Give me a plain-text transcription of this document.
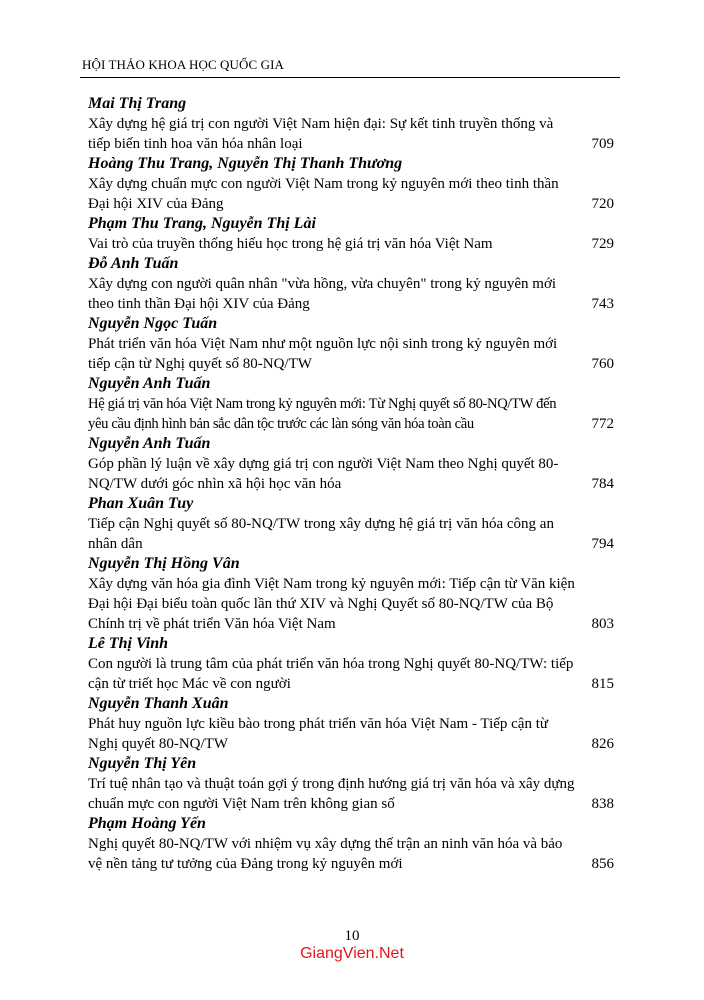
HỘI THẢO KHOA HỌC QUỐC GIA
Mai Thị Trang
Xây dựng hệ giá trị con người Việt Nam hiện đại: Sự kết tinh truyền thống và tiếp biến tinh hoa văn hóa nhân loại	709
Hoàng Thu Trang, Nguyễn Thị Thanh Thương
Xây dựng chuẩn mực con người Việt Nam trong kỷ nguyên mới theo tinh thần Đại hội XIV của Đảng	720
Phạm Thu Trang, Nguyễn Thị Lài
Vai trò của truyền thống hiếu học trong hệ giá trị văn hóa Việt Nam	729
Đỗ Anh Tuấn
Xây dựng con người quân nhân "vừa hồng, vừa chuyên" trong kỷ nguyên mới theo tinh thần Đại hội XIV của Đảng	743
Nguyễn Ngọc Tuấn
Phát triển văn hóa Việt Nam như một nguồn lực nội sinh trong kỷ nguyên mới tiếp cận từ Nghị quyết số 80-NQ/TW	760
Nguyễn Anh Tuấn
Hệ giá trị văn hóa Việt Nam trong kỷ nguyên mới: Từ Nghị quyết số 80-NQ/TW đến yêu cầu định hình bản sắc dân tộc trước các làn sóng văn hóa toàn cầu	772
Nguyễn Anh Tuấn
Góp phần lý luận về xây dựng giá trị con người Việt Nam theo Nghị quyết 80-NQ/TW dưới góc nhìn xã hội học văn hóa	784
Phan Xuân Tuy
Tiếp cận Nghị quyết số 80-NQ/TW trong xây dựng hệ giá trị văn hóa công an nhân dân	794
Nguyễn Thị Hồng Vân
Xây dựng văn hóa gia đình Việt Nam trong kỷ nguyên mới: Tiếp cận từ Văn kiện Đại hội Đại biểu toàn quốc lần thứ XIV và Nghị Quyết số 80-NQ/TW của Bộ Chính trị về phát triển Văn hóa Việt Nam	803
Lê Thị Vinh
Con người là trung tâm của phát triển văn hóa trong Nghị quyết 80-NQ/TW: tiếp cận từ triết học Mác về con người	815
Nguyễn Thanh Xuân
Phát huy nguồn lực kiều bào trong phát triển văn hóa Việt Nam - Tiếp cận từ Nghị quyết 80-NQ/TW	826
Nguyễn Thị Yên
Trí tuệ nhân tạo và thuật toán gợi ý trong định hướng giá trị văn hóa và xây dựng chuẩn mực con người Việt Nam trên không gian số	838
Phạm Hoàng Yến
Nghị quyết 80-NQ/TW với nhiệm vụ xây dựng thế trận an ninh văn hóa và bảo vệ nền tảng tư tưởng của Đảng trong kỷ nguyên mới	856
10
GiangVien.Net
